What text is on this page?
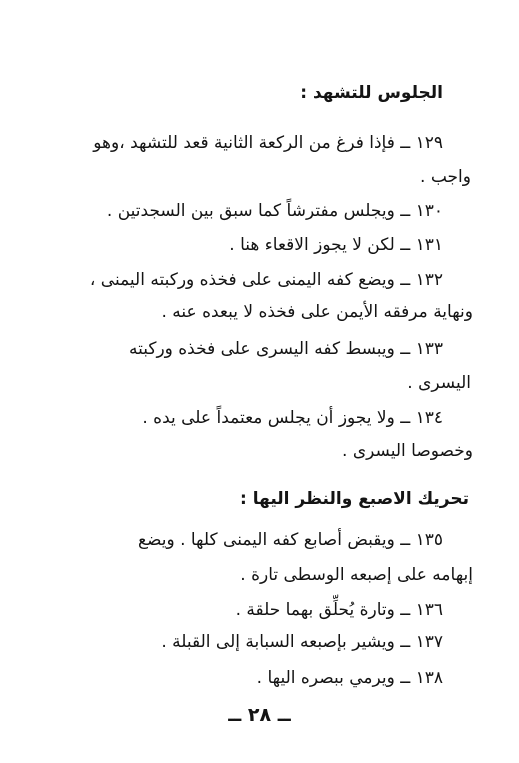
الجلوس للتشهد :
١٢٩ ــ فإذا فرغ من الركعة الثانية قعد للتشهد ،وهو
واجب .
١٣٠ ــ ويجلس مفترشاً كما سبق بين السجدتين .
١٣١ ــ لكن لا يجوز الاقعاء هنا .
١٣٢ ــ ويضع كفه اليمنى على فخذه وركبته اليمنى ،
ونهاية مرفقه الأيمن على فخذه لا يبعده عنه .
١٣٣ ــ ويبسط كفه اليسرى على فخذه وركبته
اليسرى .
١٣٤ ــ ولا يجوز أن يجلس معتمداً على يده .
وخصوصا اليسرى .
تحريك الاصبع والنظر اليها :
١٣٥ ــ ويقبض أصابع كفه اليمنى كلها . ويضع
إبهامه على إصبعه الوسطى تارة .
١٣٦ ــ وتارة يُحلِّق بهما حلقة .
١٣٧ ــ ويشير بإصبعه السبابة إلى القبلة .
١٣٨ ــ ويرمي ببصره اليها .
ــ ٢٨ ــ
